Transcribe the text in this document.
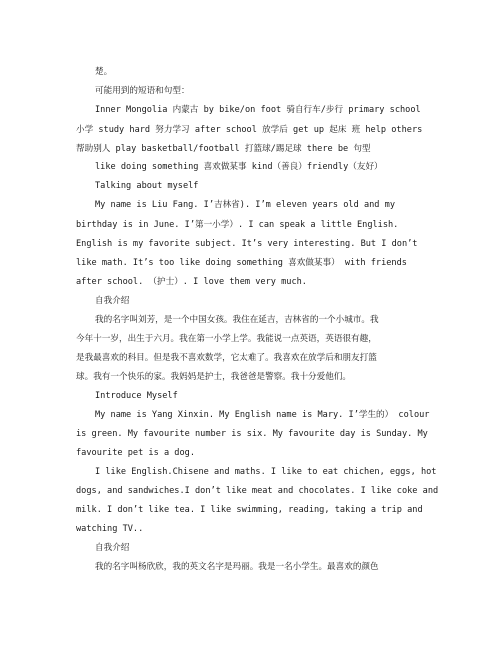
楚。
可能用到的短语和句型：
Inner Mongolia 内蒙古 by bike/on foot 骑自行车/步行 primary school
小学 study hard 努力学习 after school 放学后 get up 起床 班 help others
帮助别人 play basketball/football 打篮球/踢足球 there be 句型
like doing something 喜欢做某事 kind（善良）friendly（友好）
Talking about myself
My name is Liu Fang. I’吉林省). I’m eleven years old and my
birthday is in June. I’第一小学）. I can speak a little English.
English is my favorite subject. It’s very interesting. But I don’t
like math. It’s too like doing something 喜欢做某事） with friends
after school. （护士）. I love them very much.
自我介绍
我的名字叫刘芳，是一个中国女孩。我住在延吉，吉林省的一个小城市。我
今年十一岁，出生于六月。我在第一小学上学。我能说一点英语，英语很有趣，
是我最喜欢的科目。但是我不喜欢数学，它太难了。我喜欢在放学后和朋友打篮
球。我有一个快乐的家。我妈妈是护士，我爸爸是警察。我十分爱他们。
Introduce Myself
My name is Yang Xinxin. My English name is Mary. I’学生的） colour
is green. My favourite number is six. My favourite day is Sunday. My
favourite pet is a dog.
I like English.Chisene and maths. I like to eat chichen, eggs, hot
dogs, and sandwiches.I don’t like meat and chocolates. I like coke and
milk. I don’t like tea. I like swimming, reading, taking a trip and
watching TV..
自我介绍
我的名字叫杨欣欣，我的英文名字是玛丽。我是一名小学生。最喜欢的颜色
